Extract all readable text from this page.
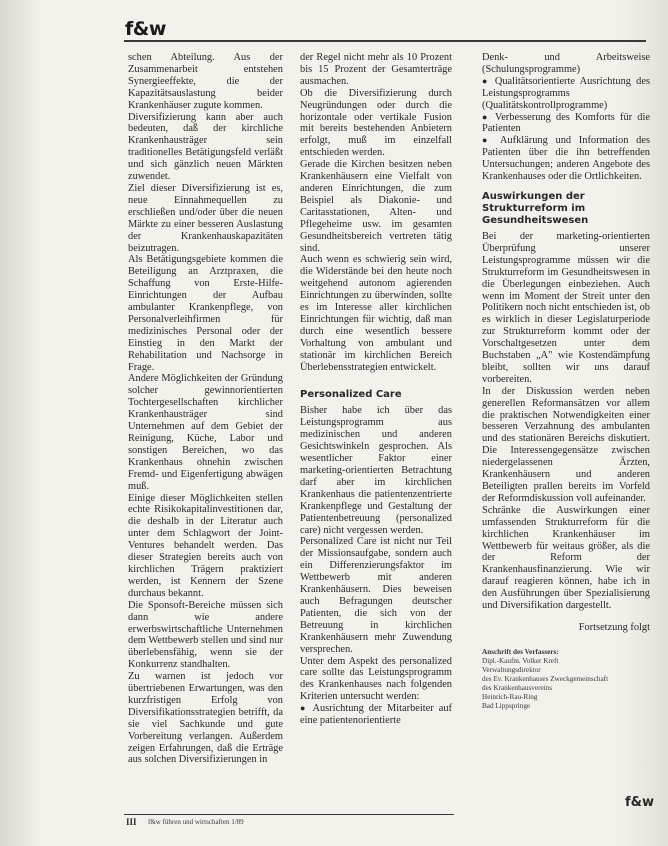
f&w

schen Abteilung. Aus der Zusammenarbeit entstehen Synergieeffekte, die der Kapazitätsauslastung beider Krankenhäuser zugute kommen.

Diversifizierung kann aber auch bedeuten, daß der kirchliche Krankenhausträger sein traditionelles Betätigungsfeld verläßt und sich gänzlich neuen Märkten zuwendet.

Ziel dieser Diversifizierung ist es, neue Einnahmequellen zu erschließen und/oder über die neuen Märkte zu einer besseren Auslastung der Krankenhauskapazitäten beizutragen.

Als Betätigungsgebiete kommen die Beteiligung an Arztpraxen, die Schaffung von Erste-Hilfe-Einrichtungen der Aufbau ambulanter Krankenpflege, von Personalverleihfirmen für medizinisches Personal oder der Einstieg in den Markt der Rehabilitation und Nachsorge in Frage.

Andere Möglichkeiten der Gründung solcher gewinnorientierten Tochtergesellschaften kirchlicher Krankenhausträger sind Unternehmen auf dem Gebiet der Reinigung, Küche, Labor und sonstigen Bereichen, wo das Krankenhaus ohnehin zwischen Fremd- und Eigenfertigung abwägen muß.

Einige dieser Möglichkeiten stellen echte Risikokapitalinvestitionen dar, die deshalb in der Literatur auch unter dem Schlagwort der Joint-Ventures behandelt werden. Das dieser Strategien bereits auch von kirchlichen Trägern praktiziert werden, ist Kennern der Szene durchaus bekannt.

Die Sponsoft-Bereiche müssen sich dann wie andere erwerbswirtschaftliche Unternehmen dem Wettbewerb stellen und sind nur überlebensfähig, wenn sie der Konkurrenz standhalten.

Zu warnen ist jedoch vor übertriebenen Erwartungen, was den kurzfristigen Erfolg von Diversifikationsstrategien betrifft, da sie viel Sachkunde und gute Vorbereitung verlangen. Außerdem zeigen Erfahrungen, daß die Erträge aus solchen Diversifizierungen in

der Regel nicht mehr als 10 Prozent bis 15 Prozent der Gesamterträge ausmachen.

Ob die Diversifizierung durch Neugründungen oder durch die horizontale oder vertikale Fusion mit bereits bestehenden Anbietern erfolgt, muß im einzelfall entschieden werden.

Gerade die Kirchen besitzen neben Krankenhäusern eine Vielfalt von anderen Einrichtungen, die zum Beispiel als Diakonie- und Caritasstationen, Alten- und Pflegeheime usw. im gesamten Gesundheitsbereich vertreten tätig sind.

Auch wenn es schwierig sein wird, die Widerstände bei den heute noch weitgehend autonom agierenden Einrichtungen zu überwinden, sollte es im Interesse aller kirchlichen Einrichtungen für wichtig, daß man durch eine wesentlich bessere Vorhaltung von ambulant und stationär im kirchlichen Bereich Überlebensstrategien entwickelt.

Personalized Care

Bisher habe ich über das Leistungsprogramm aus medizinischen und anderen Gesichtswinkeln gesprochen. Als wesentlicher Faktor einer marketing-orientierten Betrachtung darf aber im kirchlichen Krankenhaus die patientenzentrierte Krankenpflege und Gestaltung der Patientenbetreuung (personalized care) nicht vergessen werden.

Personalized Care ist nicht nur Teil der Missionsaufgabe, sondern auch ein Differenzierungsfaktor im Wettbewerb mit anderen Krankenhäusern. Dies beweisen auch Befragungen deutscher Patienten, die sich von der Betreuung in kirchlichen Krankenhäusern mehr Zuwendung versprechen.

Unter dem Aspekt des personalized care sollte das Leistungsprogramm des Krankenhauses nach folgenden Kriterien untersucht werden:

● Ausrichtung der Mitarbeiter auf eine patientenorientierte

Denk- und Arbeitsweise (Schulungsprogramme)

● Qualitätsorientierte Ausrichtung des Leistungsprogramms (Qualitätskontrollprogramme)

● Verbesserung des Komforts für die Patienten

● Aufklärung und Information des Patienten über die ihn betreffenden Untersuchungen; anderen Angebote des Krankenhauses oder die Ortlichkeiten.

Auswirkungen der Strukturreform im Gesundheitswesen

Bei der marketing-orientierten Überprüfung unserer Leistungsprogramme müssen wir die Strukturreform im Gesundheitswesen in die Überlegungen einbeziehen. Auch wenn im Moment der Streit unter den Politikern noch nicht entschieden ist, ob es wirklich in dieser Legislaturperiode zur Strukturreform kommt oder der Vorschaltgesetzen unter dem Buchstaben „A" wie Kostendämpfung bleibt, sollten wir uns darauf vorbereiten.

In der Diskussion werden neben generellen Reformansätzen vor allem die praktischen Notwendigkeiten einer besseren Verzahnung des ambulanten und des stationären Bereichs diskutiert. Die Interessengegensätze zwischen niedergelassenen Ärzten, Krankenhäusern und anderen Beteiligten prallen bereits im Vorfeld der Reformdiskussion voll aufeinander.

Schränke die Auswirkungen einer umfassenden Strukturreform für die kirchlichen Krankenhäuser im Wettbewerb für weitaus größer, als die der Reform der Krankenhausfinanzierung. Wie wir darauf reagieren können, habe ich in den Ausführungen über Spezialisierung und Diversifikation dargestellt.

Fortsetzung folgt

Anschrift des Verfassers:
Dipl.-Kaufm. Volker Kreft
Verwaltungsdirektor
des Ev. Krankenhauses Zweckgemeinschaft
des Krankenhausvereins
Heinrich-Rau-Ring
Bad Lippspringe
f&w
III f&w führen und wirtschaften 1/89
